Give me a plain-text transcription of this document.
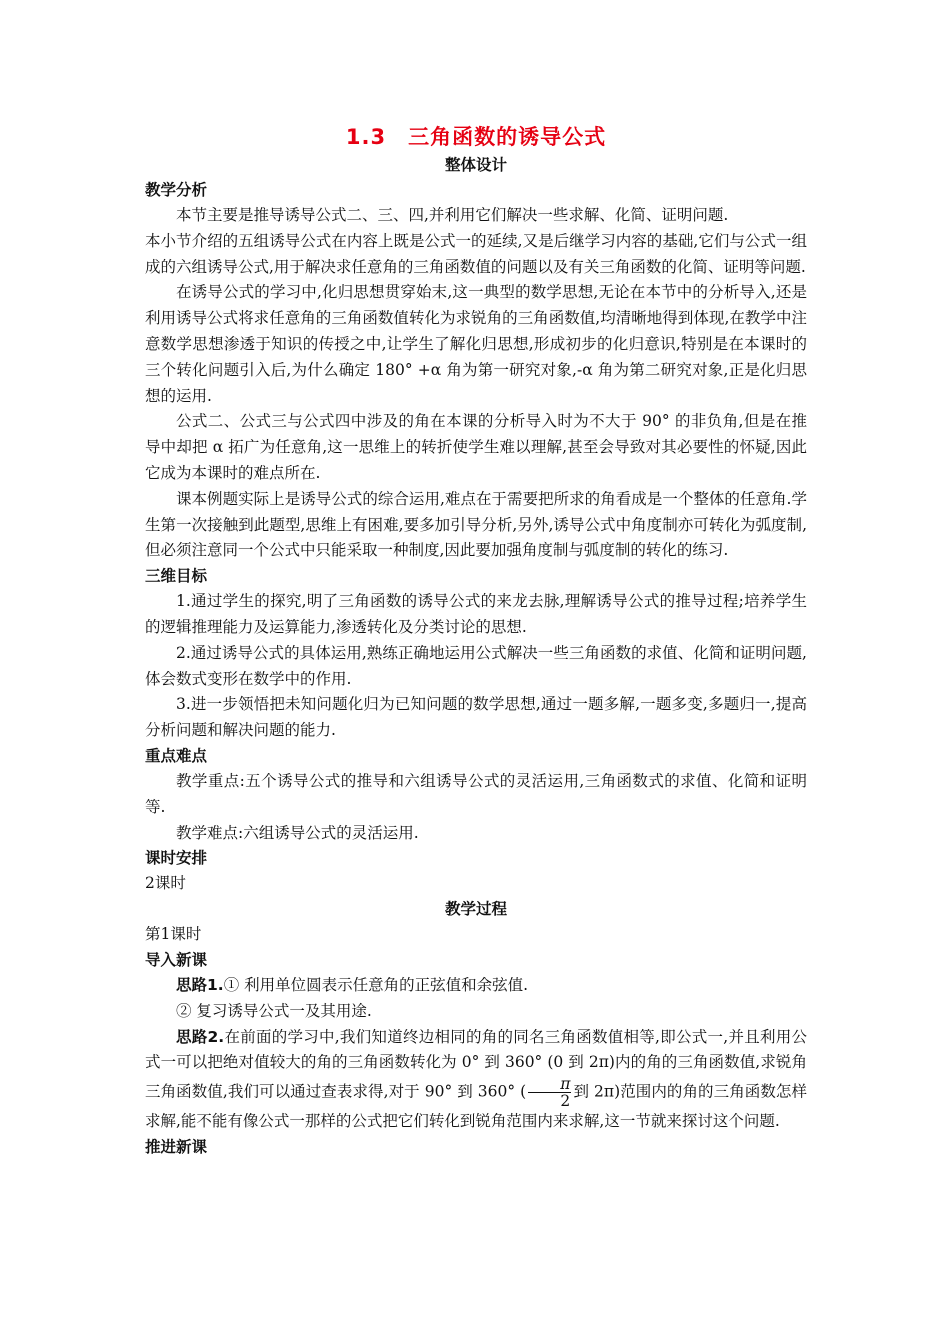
1.3　三角函数的诱导公式

整体设计

教学分析

本节主要是推导诱导公式二、三、四,并利用它们解决一些求解、化简、证明问题.

本小节介绍的五组诱导公式在内容上既是公式一的延续,又是后继学习内容的基础,它们与公式一组成的六组诱导公式,用于解决求任意角的三角函数值的问题以及有关三角函数的化简、证明等问题.

在诱导公式的学习中,化归思想贯穿始末,这一典型的数学思想,无论在本节中的分析导入,还是利用诱导公式将求任意角的三角函数值转化为求锐角的三角函数值,均清晰地得到体现,在教学中注意数学思想渗透于知识的传授之中,让学生了解化归思想,形成初步的化归意识,特别是在本课时的三个转化问题引入后,为什么确定 180° +α 角为第一研究对象,-α 角为第二研究对象,正是化归思想的运用.

公式二、公式三与公式四中涉及的角在本课的分析导入时为不大于 90° 的非负角,但是在推导中却把 α 拓广为任意角,这一思维上的转折使学生难以理解,甚至会导致对其必要性的怀疑,因此它成为本课时的难点所在.

课本例题实际上是诱导公式的综合运用,难点在于需要把所求的角看成是一个整体的任意角.学生第一次接触到此题型,思维上有困难,要多加引导分析,另外,诱导公式中角度制亦可转化为弧度制,但必须注意同一个公式中只能采取一种制度,因此要加强角度制与弧度制的转化的练习.

三维目标

1.通过学生的探究,明了三角函数的诱导公式的来龙去脉,理解诱导公式的推导过程;培养学生的逻辑推理能力及运算能力,渗透转化及分类讨论的思想.

2.通过诱导公式的具体运用,熟练正确地运用公式解决一些三角函数的求值、化简和证明问题,体会数式变形在数学中的作用.

3.进一步领悟把未知问题化归为已知问题的数学思想,通过一题多解,一题多变,多题归一,提高分析问题和解决问题的能力.

重点难点

教学重点:五个诱导公式的推导和六组诱导公式的灵活运用,三角函数式的求值、化简和证明等.

教学难点:六组诱导公式的灵活运用.

课时安排

2课时

教学过程

第1课时

导入新课

思路1.① 利用单位圆表示任意角的正弦值和余弦值.

② 复习诱导公式一及其用途.

思路2.在前面的学习中,我们知道终边相同的角的同名三角函数值相等,即公式一,并且利用公式一可以把绝对值较大的角的三角函数转化为 0° 到 360° (0 到 2π)内的角的三角函数值,求锐角三角函数值,我们可以通过查表求得,对于 90° 到 360° ( $\frac{\pi}{2}$ 到 2π)范围内的角的三角函数怎样求解,能不能有像公式一那样的公式把它们转化到锐角范围内来求解,这一节就来探讨这个问题.

推进新课
